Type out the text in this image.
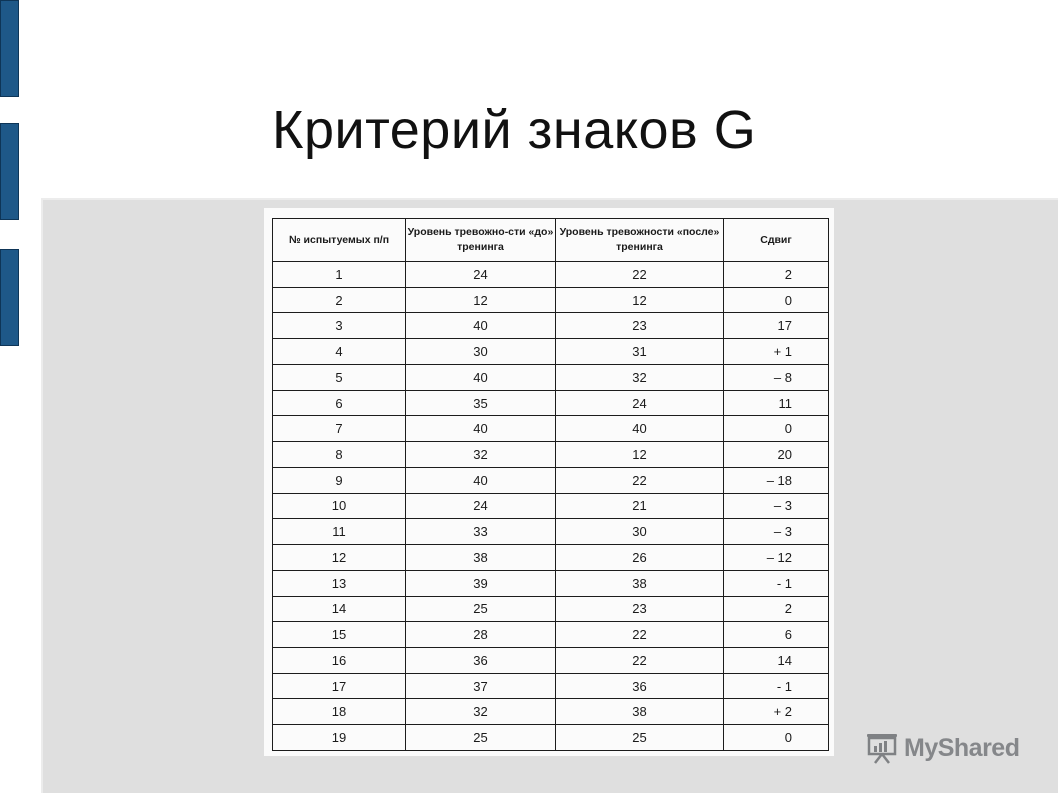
Критерий знаков G
№ испытуемых п/п	Уровень тревожно-сти «до» тренинга	Уровень тревожности «после» тренинга	Сдвиг
1	24	22	2
2	12	12	0
3	40	23	17
4	30	31	+ 1
5	40	32	– 8
6	35	24	11
7	40	40	0
8	32	12	20
9	40	22	– 18
10	24	21	– 3
11	33	30	– 3
12	38	26	– 12
13	39	38	- 1
14	25	23	2
15	28	22	6
16	36	22	14
17	37	36	- 1
18	32	38	+ 2
19	25	25	0	MyShared
